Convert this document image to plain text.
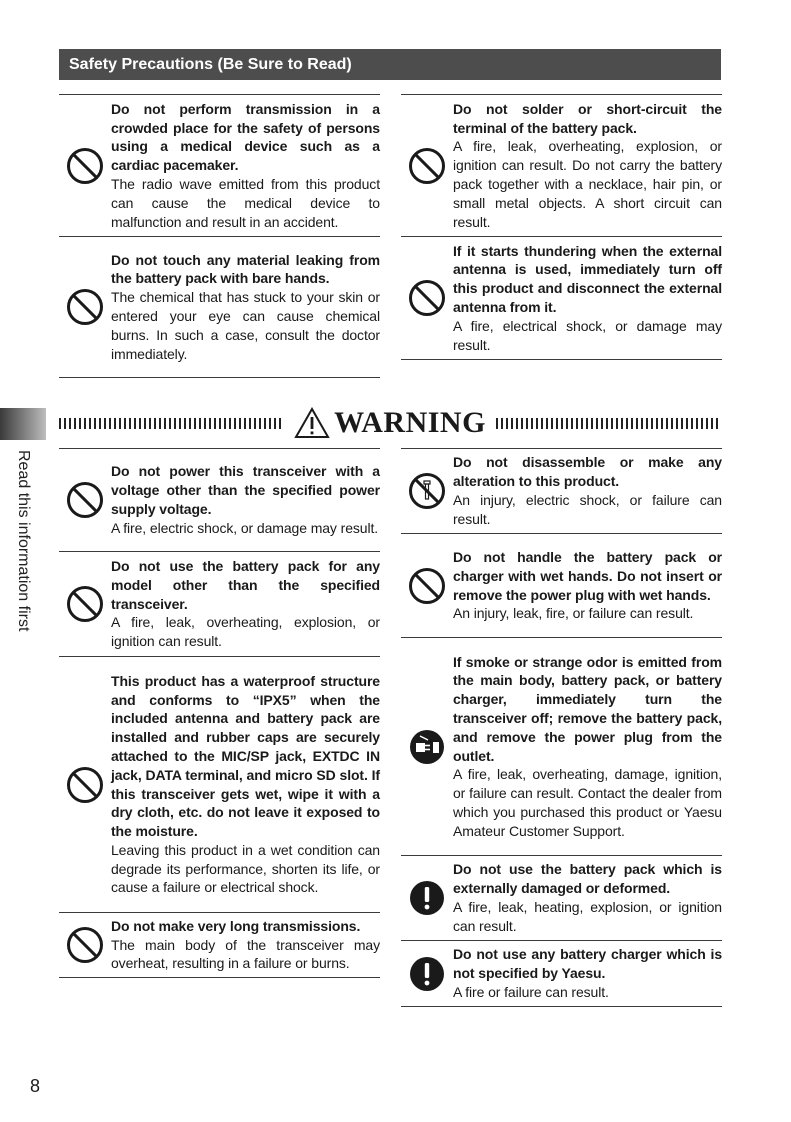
Safety Precautions (Be Sure to Read)
Read this information first
Do not perform transmission in a crowded place for the safety of persons using a medical device such as a cardiac pacemaker.
The radio wave emitted from this product can cause the medical device to malfunction and result in an accident.
Do not touch any material leaking from the battery pack with bare hands.
The chemical that has stuck to your skin or entered your eye can cause chemical burns. In such a case, consult the doctor immediately.
Do not solder or short-circuit the terminal of the battery pack.
A fire, leak, overheating, explosion, or ignition can result. Do not carry the battery pack together with a necklace, hair pin, or small metal objects. A short circuit can result.
If it starts thundering when the external antenna is used, immediately turn off this product and disconnect the external antenna from it.
A fire, electrical shock, or damage may result.
WARNING
Do not power this transceiver with a voltage other than the specified power supply voltage.
A fire, electric shock, or damage may result.
Do not use the battery pack for any model other than the specified transceiver.
A fire, leak, overheating, explosion, or ignition can result.
This product has a waterproof structure and conforms to “IPX5” when the included antenna and battery pack are installed and rubber caps are securely attached to the MIC/SP jack, EXTDC IN jack, DATA terminal, and micro SD slot. If this transceiver gets wet, wipe it with a dry cloth, etc. do not leave it exposed to the moisture.
Leaving this product in a wet condition can degrade its performance, shorten its life, or cause a failure or electrical shock.
Do not make very long transmissions.
The main body of the transceiver may overheat, resulting in a failure or burns.
Do not disassemble or make any alteration to this product.
An injury, electric shock, or failure can result.
Do not handle the battery pack or charger with wet hands. Do not insert or remove the power plug with wet hands.
An injury, leak, fire, or failure can result.
If smoke or strange odor is emitted from the main body, battery pack, or battery charger, immediately turn the transceiver off; remove the battery pack, and remove the power plug from the outlet.
A fire, leak, overheating, damage, ignition, or failure can result. Contact the dealer from which you purchased this product or Yaesu Amateur Customer Support.
Do not use the battery pack which is externally damaged or deformed.
A fire, leak, heating, explosion, or ignition can result.
Do not use any battery charger which is not specified by Yaesu.
A fire or failure can result.
8
